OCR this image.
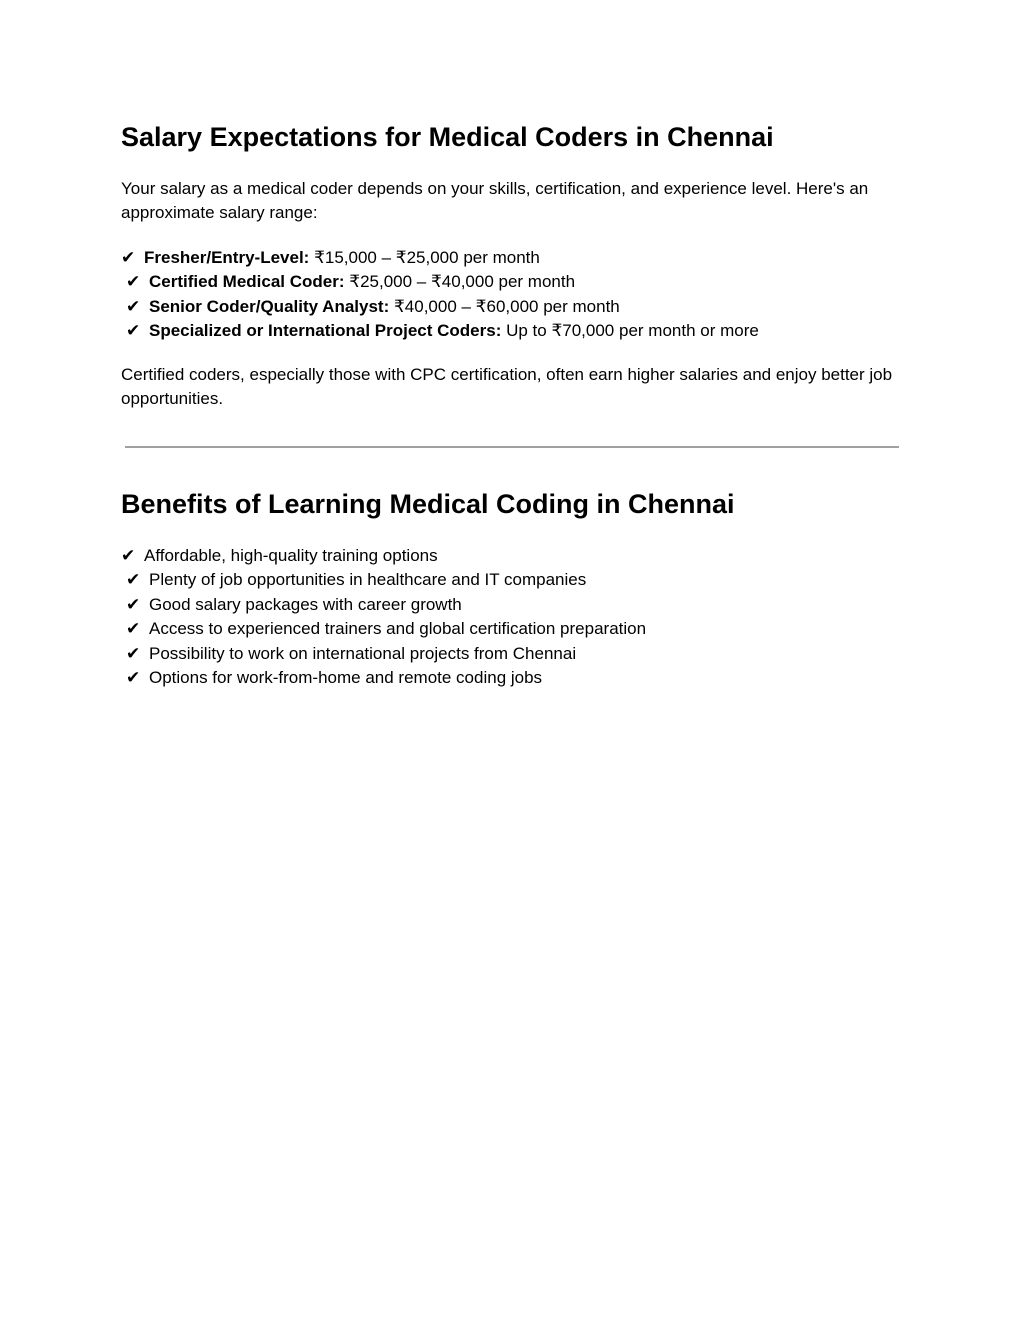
Salary Expectations for Medical Coders in Chennai

Your salary as a medical coder depends on your skills, certification, and experience level. Here's an approximate salary range:

✔ Fresher/Entry-Level: ₹15,000 – ₹25,000 per month
✔ Certified Medical Coder: ₹25,000 – ₹40,000 per month
✔ Senior Coder/Quality Analyst: ₹40,000 – ₹60,000 per month
✔ Specialized or International Project Coders: Up to ₹70,000 per month or more

Certified coders, especially those with CPC certification, often earn higher salaries and enjoy better job opportunities.

Benefits of Learning Medical Coding in Chennai
✔ Affordable, high-quality training options
✔ Plenty of job opportunities in healthcare and IT companies
✔ Good salary packages with career growth
✔ Access to experienced trainers and global certification preparation
✔ Possibility to work on international projects from Chennai
✔ Options for work-from-home and remote coding jobs
